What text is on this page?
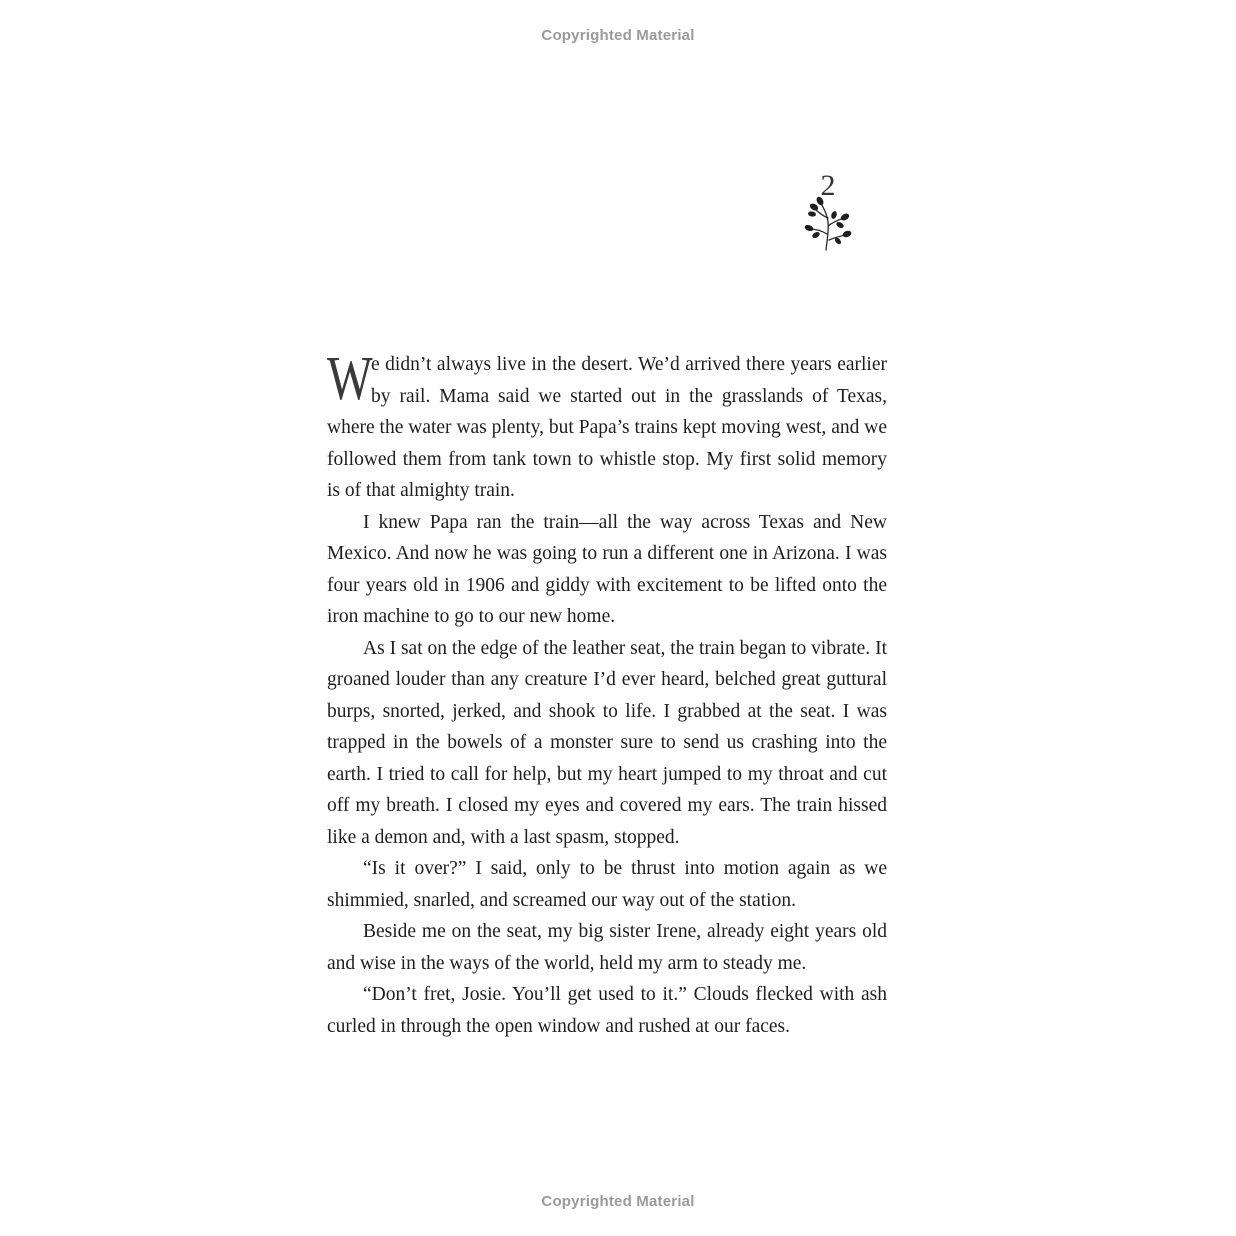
Copyrighted Material
2

W
e didn’t always live in the desert. We’d arrived there years earlier by rail. Mama said we started out in the grasslands of Texas, where the water was plenty, but Papa’s trains kept moving west, and we followed them from tank town to whistle stop. My first solid memory is of that almighty train.

I knew Papa ran the train—all the way across Texas and New Mexico. And now he was going to run a different one in Arizona. I was four years old in 1906 and giddy with excitement to be lifted onto the iron machine to go to our new home.

As I sat on the edge of the leather seat, the train began to vibrate. It groaned louder than any creature I’d ever heard, belched great guttural burps, snorted, jerked, and shook to life. I grabbed at the seat. I was trapped in the bowels of a monster sure to send us crashing into the earth. I tried to call for help, but my heart jumped to my throat and cut off my breath. I closed my eyes and covered my ears. The train hissed like a demon and, with a last spasm, stopped.

“Is it over?” I said, only to be thrust into motion again as we shimmied, snarled, and screamed our way out of the station.

Beside me on the seat, my big sister Irene, already eight years old and wise in the ways of the world, held my arm to steady me.

“Don’t fret, Josie. You’ll get used to it.” Clouds flecked with ash curled in through the open window and rushed at our faces.

Copyrighted Material
